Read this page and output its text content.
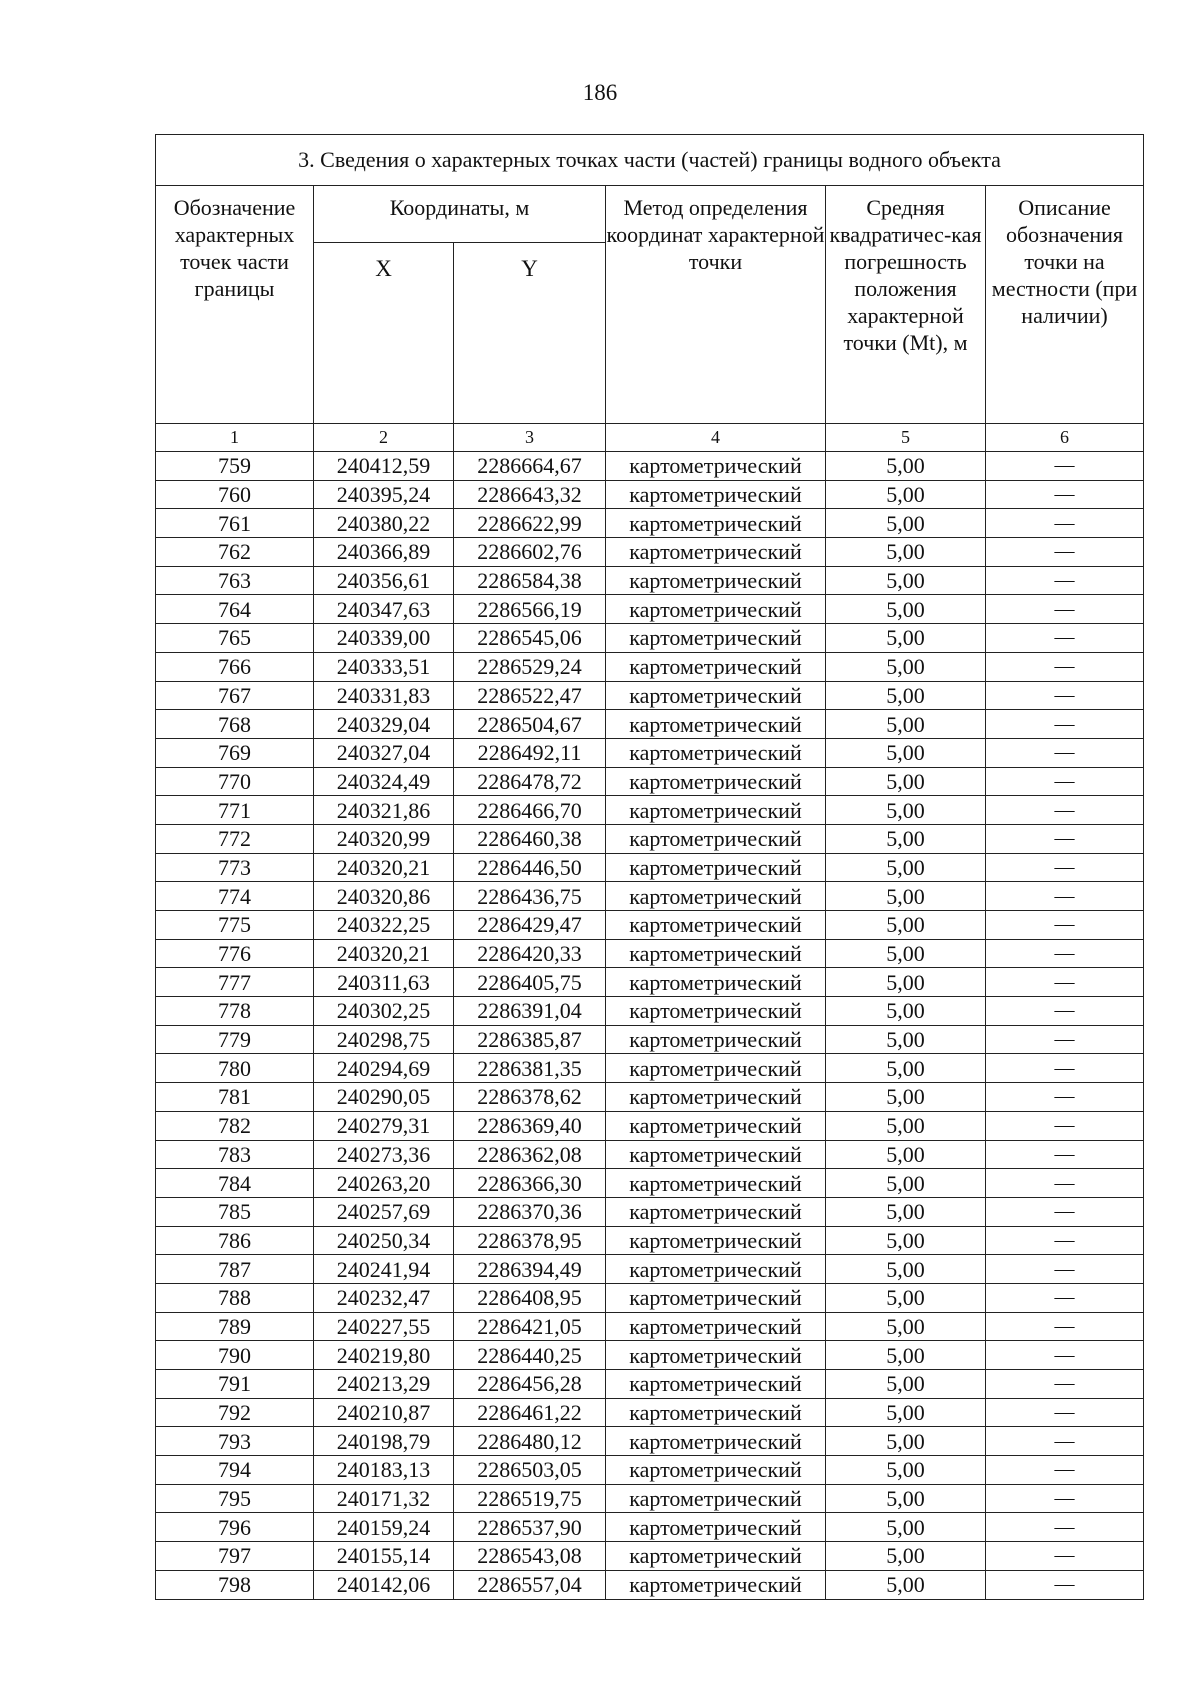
186
3. Сведения о характерных точках части (частей) границы водного объекта					
Обозначение характерных точек части границы	Координаты, м		Метод определения координат характерной точки	Средняя квадратичес-кая погрешность положения характерной точки (Mt), м	Описание обозначения точки на местности (при наличии)
	X	Y			
1	2	3	4	5	6
759	240412,59	2286664,67	картометрический	5,00	—
760	240395,24	2286643,32	картометрический	5,00	—
761	240380,22	2286622,99	картометрический	5,00	—
762	240366,89	2286602,76	картометрический	5,00	—
763	240356,61	2286584,38	картометрический	5,00	—
764	240347,63	2286566,19	картометрический	5,00	—
765	240339,00	2286545,06	картометрический	5,00	—
766	240333,51	2286529,24	картометрический	5,00	—
767	240331,83	2286522,47	картометрический	5,00	—
768	240329,04	2286504,67	картометрический	5,00	—
769	240327,04	2286492,11	картометрический	5,00	—
770	240324,49	2286478,72	картометрический	5,00	—
771	240321,86	2286466,70	картометрический	5,00	—
772	240320,99	2286460,38	картометрический	5,00	—
773	240320,21	2286446,50	картометрический	5,00	—
774	240320,86	2286436,75	картометрический	5,00	—
775	240322,25	2286429,47	картометрический	5,00	—
776	240320,21	2286420,33	картометрический	5,00	—
777	240311,63	2286405,75	картометрический	5,00	—
778	240302,25	2286391,04	картометрический	5,00	—
779	240298,75	2286385,87	картометрический	5,00	—
780	240294,69	2286381,35	картометрический	5,00	—
781	240290,05	2286378,62	картометрический	5,00	—
782	240279,31	2286369,40	картометрический	5,00	—
783	240273,36	2286362,08	картометрический	5,00	—
784	240263,20	2286366,30	картометрический	5,00	—
785	240257,69	2286370,36	картометрический	5,00	—
786	240250,34	2286378,95	картометрический	5,00	—
787	240241,94	2286394,49	картометрический	5,00	—
788	240232,47	2286408,95	картометрический	5,00	—
789	240227,55	2286421,05	картометрический	5,00	—
790	240219,80	2286440,25	картометрический	5,00	—
791	240213,29	2286456,28	картометрический	5,00	—
792	240210,87	2286461,22	картометрический	5,00	—
793	240198,79	2286480,12	картометрический	5,00	—
794	240183,13	2286503,05	картометрический	5,00	—
795	240171,32	2286519,75	картометрический	5,00	—
796	240159,24	2286537,90	картометрический	5,00	—
797	240155,14	2286543,08	картометрический	5,00	—
798	240142,06	2286557,04	картометрический	5,00	—
